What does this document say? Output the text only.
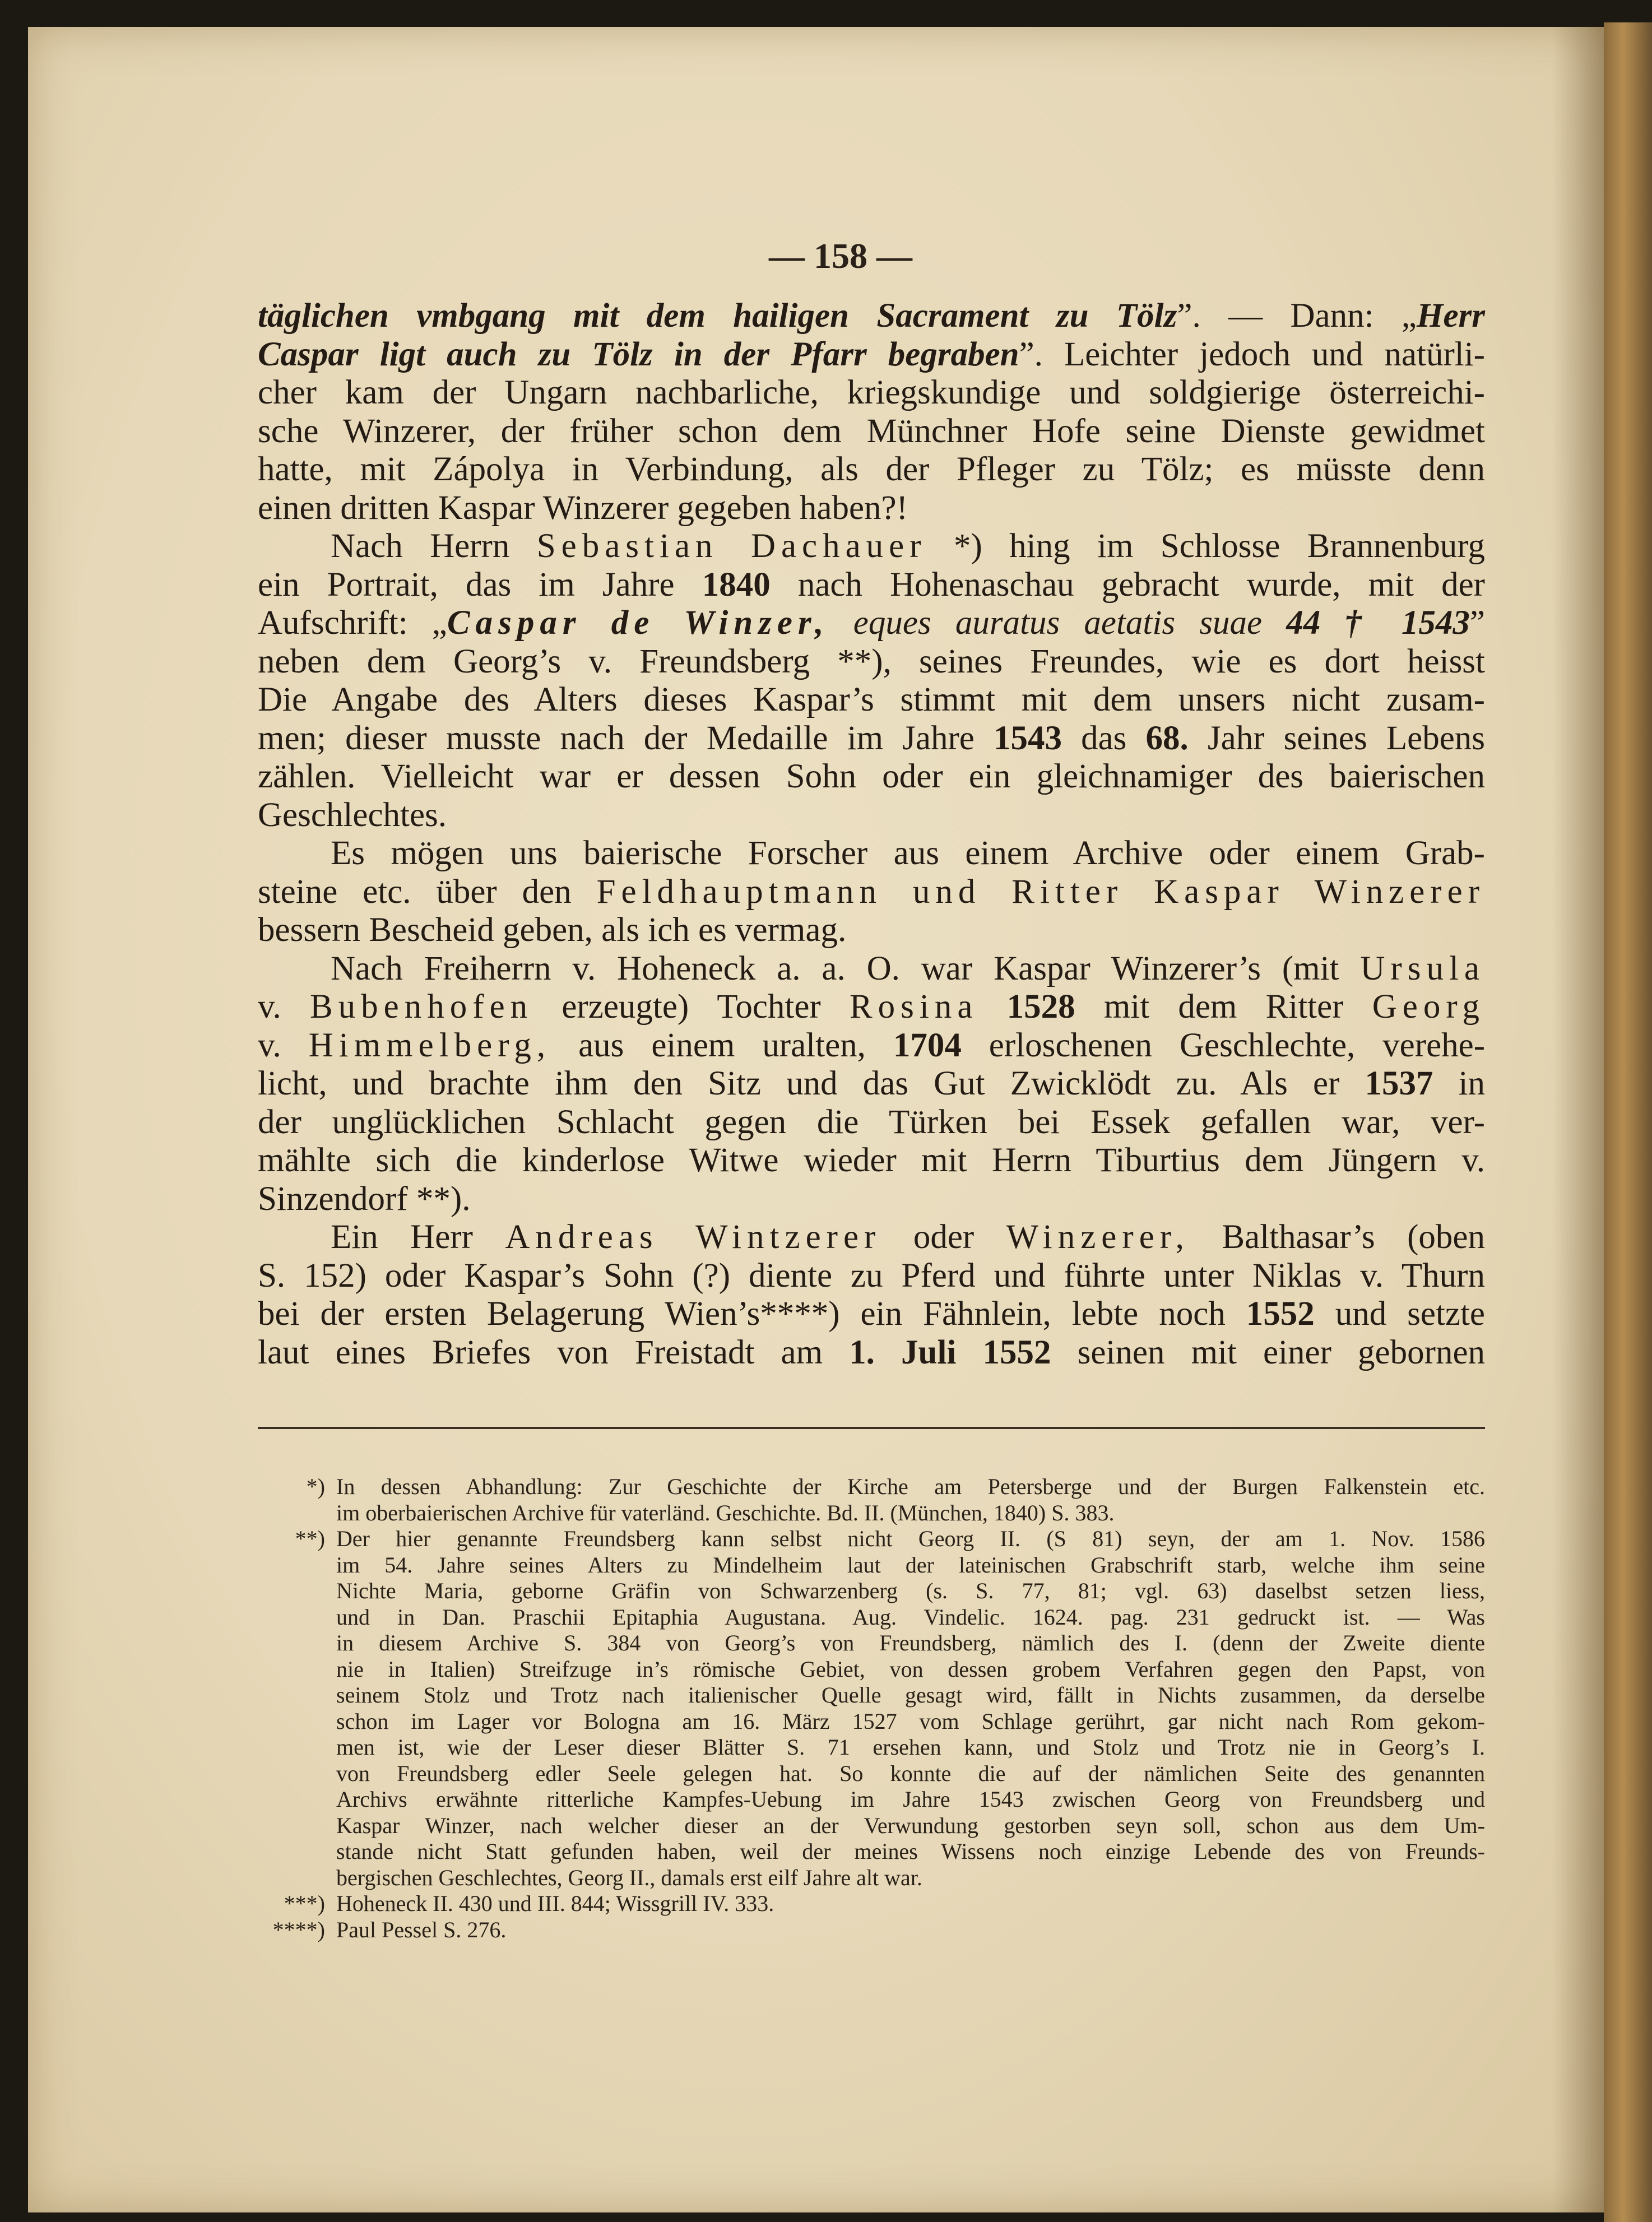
— 158 —
täglichen vmbgang mit dem hailigen Sacrament zu Tölz”. — Dann: „Herr
Caspar ligt auch zu Tölz in der Pfarr begraben”. Leichter jedoch und natürli-
cher kam der Ungarn nachbarliche, kriegskundige und soldgierige österreichi-
sche Winzerer, der früher schon dem Münchner Hofe seine Dienste gewidmet
hatte, mit Zápolya in Verbindung, als der Pfleger zu Tölz; es müsste denn
einen dritten Kaspar Winzerer gegeben haben?!
Nach Herrn Sebastian Dachauer *) hing im Schlosse Brannenburg
ein Portrait, das im Jahre 1840 nach Hohenaschau gebracht wurde, mit der
Aufschrift: „Caspar de Winzer, eques auratus aetatis suae 44 † 1543”
neben dem Georg’s v. Freundsberg **), seines Freundes, wie es dort heisst
Die Angabe des Alters dieses Kaspar’s stimmt mit dem unsers nicht zusam-
men; dieser musste nach der Medaille im Jahre 1543 das 68. Jahr seines Lebens
zählen. Vielleicht war er dessen Sohn oder ein gleichnamiger des baierischen
Geschlechtes.
Es mögen uns baierische Forscher aus einem Archive oder einem Grab-
steine etc. über den Feldhauptmann und Ritter Kaspar Winzerer
bessern Bescheid geben, als ich es vermag.
Nach Freiherrn v. Hoheneck a. a. O. war Kaspar Winzerer’s (mit Ursula
v. Bubenhofen erzeugte) Tochter Rosina 1528 mit dem Ritter Georg
v. Himmelberg, aus einem uralten, 1704 erloschenen Geschlechte, verehe-
licht, und brachte ihm den Sitz und das Gut Zwicklödt zu. Als er 1537 in
der unglücklichen Schlacht gegen die Türken bei Essek gefallen war, ver-
mählte sich die kinderlose Witwe wieder mit Herrn Tiburtius dem Jüngern v.
Sinzendorf **).
Ein Herr Andreas Wintzerer oder Winzerer, Balthasar’s (oben
S. 152) oder Kaspar’s Sohn (?) diente zu Pferd und führte unter Niklas v. Thurn
bei der ersten Belagerung Wien’s****) ein Fähnlein, lebte noch 1552 und setzte
laut eines Briefes von Freistadt am 1. Juli 1552 seinen mit einer gebornen
*) In dessen Abhandlung: Zur Geschichte der Kirche am Petersberge und der Burgen Falkenstein etc.
im oberbaierischen Archive für vaterländ. Geschichte. Bd. II. (München, 1840) S. 383.
**) Der hier genannte Freundsberg kann selbst nicht Georg II. (S 81) seyn, der am 1. Nov. 1586
im 54. Jahre seines Alters zu Mindelheim laut der lateinischen Grabschrift starb, welche ihm seine
Nichte Maria, geborne Gräfin von Schwarzenberg (s. S. 77, 81; vgl. 63) daselbst setzen liess,
und in Dan. Praschii Epitaphia Augustana. Aug. Vindelic. 1624. pag. 231 gedruckt ist. — Was
in diesem Archive S. 384 von Georg’s von Freundsberg, nämlich des I. (denn der Zweite diente
nie in Italien) Streifzuge in’s römische Gebiet, von dessen grobem Verfahren gegen den Papst, von
seinem Stolz und Trotz nach italienischer Quelle gesagt wird, fällt in Nichts zusammen, da derselbe
schon im Lager vor Bologna am 16. März 1527 vom Schlage gerührt, gar nicht nach Rom gekom-
men ist, wie der Leser dieser Blätter S. 71 ersehen kann, und Stolz und Trotz nie in Georg’s I.
von Freundsberg edler Seele gelegen hat. So konnte die auf der nämlichen Seite des genannten
Archivs erwähnte ritterliche Kampfes-Uebung im Jahre 1543 zwischen Georg von Freundsberg und
Kaspar Winzer, nach welcher dieser an der Verwundung gestorben seyn soll, schon aus dem Um-
stande nicht Statt gefunden haben, weil der meines Wissens noch einzige Lebende des von Freunds-
bergischen Geschlechtes, Georg II., damals erst eilf Jahre alt war.
***) Hoheneck II. 430 und III. 844; Wissgrill IV. 333.
****) Paul Pessel S. 276.
